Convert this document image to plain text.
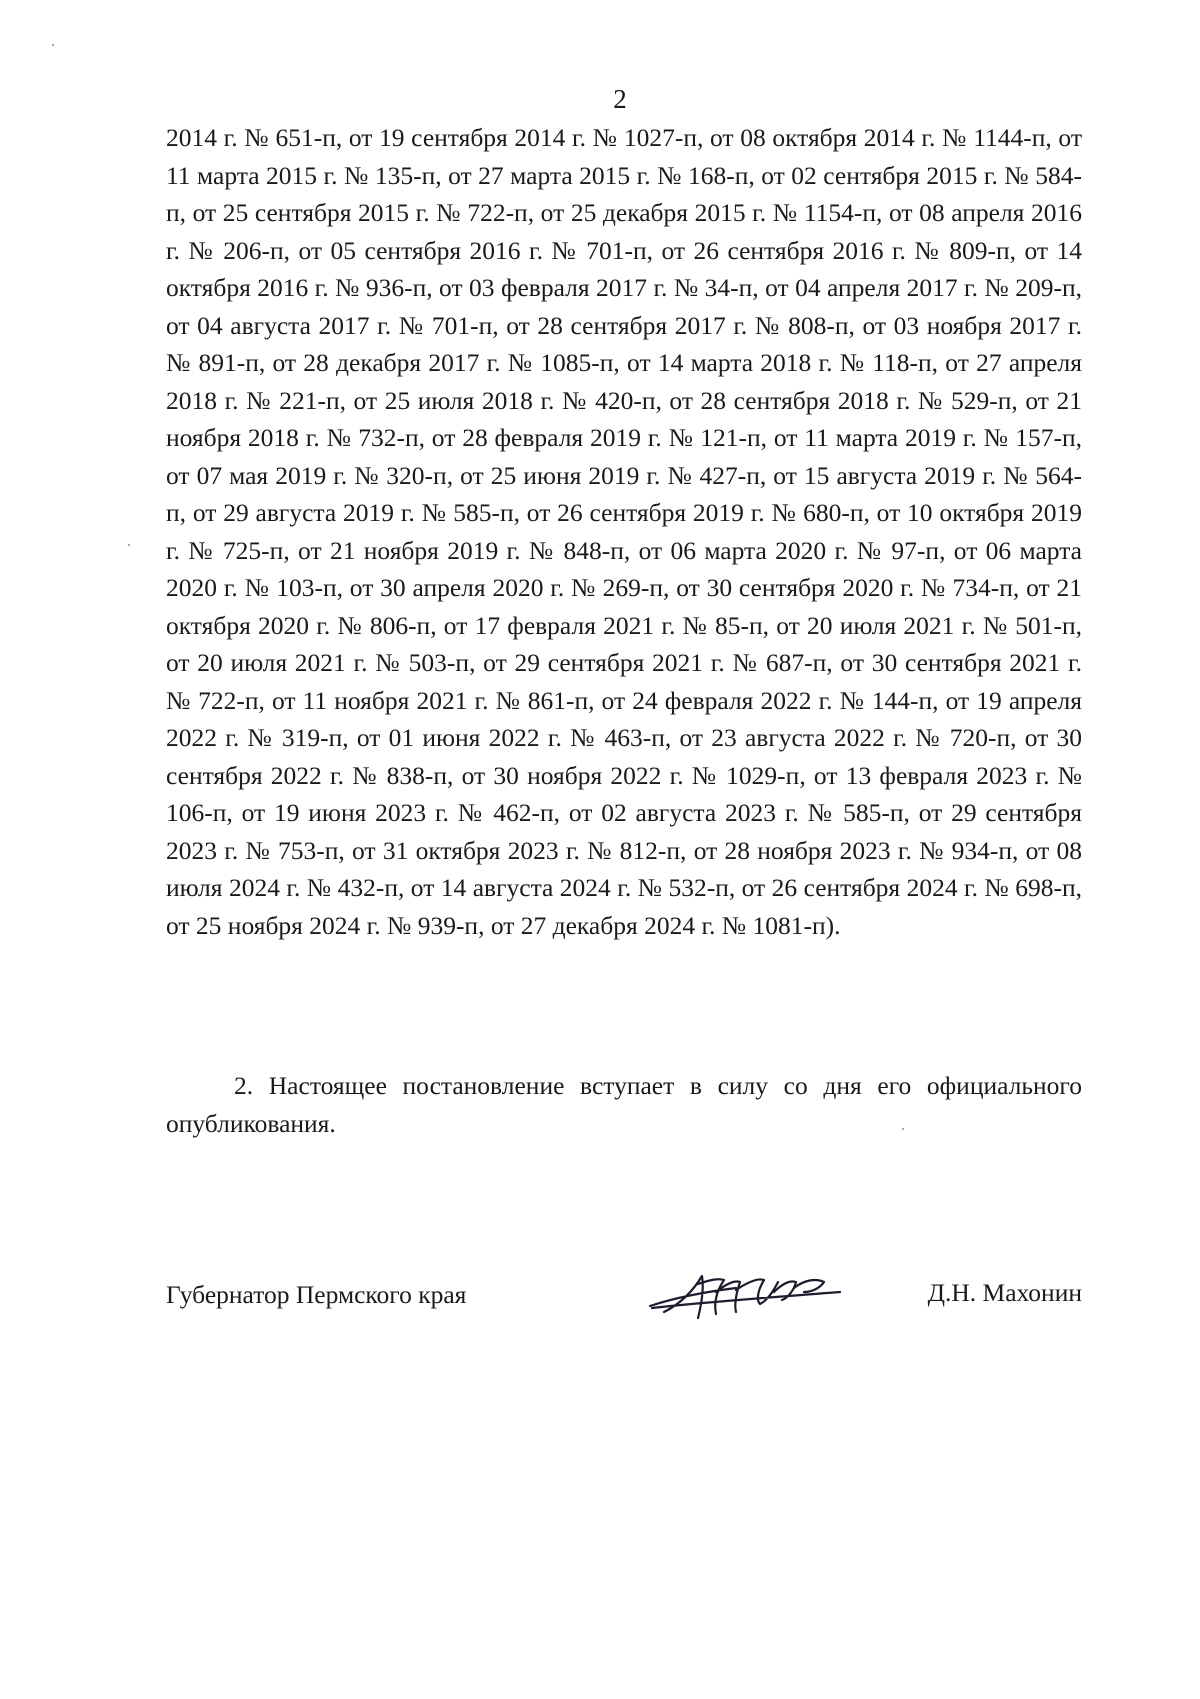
2
2014 г. № 651-п, от 19 сентября 2014 г. № 1027-п, от 08 октября 2014 г. № 1144-п, от 11 марта 2015 г. № 135-п, от 27 марта 2015 г. № 168-п, от 02 сентября 2015 г. № 584-п, от 25 сентября 2015 г. № 722-п, от 25 декабря 2015 г. № 1154-п, от 08 апреля 2016 г. № 206-п, от 05 сентября 2016 г. № 701-п, от 26 сентября 2016 г. № 809-п, от 14 октября 2016 г. № 936-п, от 03 февраля 2017 г. № 34-п, от 04 апреля 2017 г. № 209-п, от 04 августа 2017 г. № 701-п, от 28 сентября 2017 г. № 808-п, от 03 ноября 2017 г. № 891-п, от 28 декабря 2017 г. № 1085-п, от 14 марта 2018 г. № 118-п, от 27 апреля 2018 г. № 221-п, от 25 июля 2018 г. № 420-п, от 28 сентября 2018 г. № 529-п, от 21 ноября 2018 г. № 732-п, от 28 февраля 2019 г. № 121-п, от 11 марта 2019 г. № 157-п, от 07 мая 2019 г. № 320-п, от 25 июня 2019 г. № 427-п, от 15 августа 2019 г. № 564-п, от 29 августа 2019 г. № 585-п, от 26 сентября 2019 г. № 680-п, от 10 октября 2019 г. № 725-п, от 21 ноября 2019 г. № 848-п, от 06 марта 2020 г. № 97-п, от 06 марта 2020 г. № 103-п, от 30 апреля 2020 г. № 269-п, от 30 сентября 2020 г. № 734-п, от 21 октября 2020 г. № 806-п, от 17 февраля 2021 г. № 85-п, от 20 июля 2021 г. № 501-п, от 20 июля 2021 г. № 503-п, от 29 сентября 2021 г. № 687-п, от 30 сентября 2021 г. № 722-п, от 11 ноября 2021 г. № 861-п, от 24 февраля 2022 г. № 144-п, от 19 апреля 2022 г. № 319-п, от 01 июня 2022 г. № 463-п, от 23 августа 2022 г. № 720-п, от 30 сентября 2022 г. № 838-п, от 30 ноября 2022 г. № 1029-п, от 13 февраля 2023 г. № 106-п, от 19 июня 2023 г. № 462-п, от 02 августа 2023 г. № 585-п, от 29 сентября 2023 г. № 753-п, от 31 октября 2023 г. № 812-п, от 28 ноября 2023 г. № 934-п, от 08 июля 2024 г. № 432-п, от 14 августа 2024 г. № 532-п, от 26 сентября 2024 г. № 698-п, от 25 ноября 2024 г. № 939-п, от 27 декабря 2024 г. № 1081-п).
2. Настоящее постановление вступает в силу со дня его официального опубликования.
Губернатор Пермского края	Д.Н. Махонин
